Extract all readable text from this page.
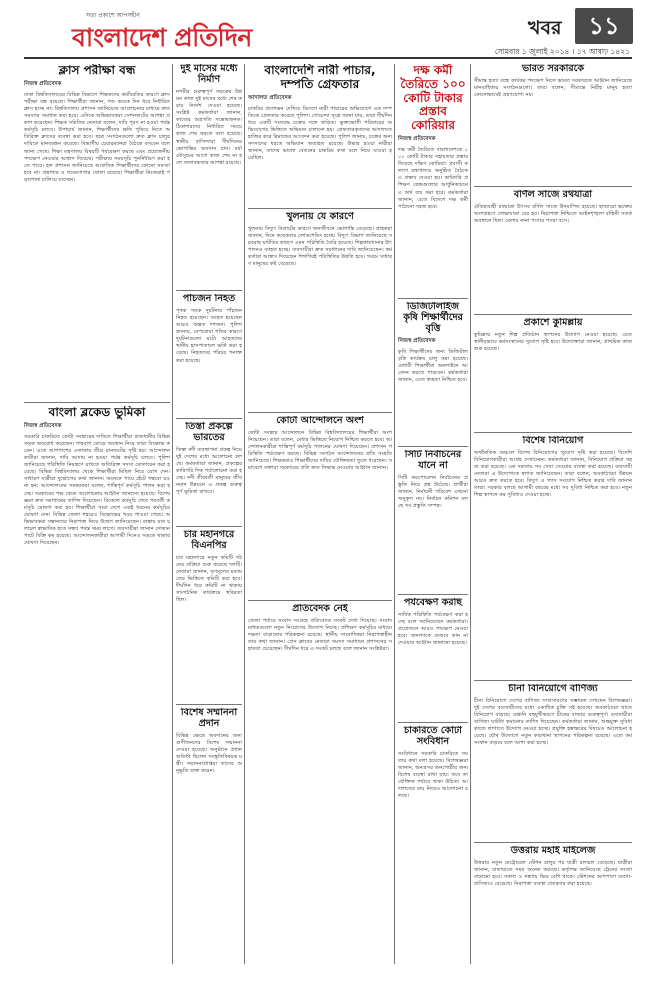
সত্য প্রকাশে আপসহীন
বাংলাদেশ প্রতিদিন	খবর	১১
সোমবার ১ জুলাই ২০১৪ । ১৭ আষাঢ় ১৪২১
ক্লাস পরীক্ষা বন্ধ
নিজস্ব প্রতিবেদক
ঢাকা বিশ্ববিদ্যালয়ের বিভিন্ন বিভাগে শিক্ষকদের কর্মবিরতির কারণে ক্লাস পরীক্ষা বন্ধ রয়েছে। শিক্ষার্থীরা জানান, গত কয়েক দিন ধরে নির্ধারিত ক্লাস হচ্ছে না। বিশ্ববিদ্যালয় প্রশাসন জানিয়েছে আলোচনার মাধ্যমে দ্রুত সমস্যার সমাধান করা হবে। এদিকে অভিভাবকরা সেশনজটের আশঙ্কা প্রকাশ করেছেন। শিক্ষক সমিতির নেতারা বলেন, দাবি পূরণ না হওয়া পর্যন্ত কর্মসূচি চলবে। উপাচার্য জানান, শিক্ষার্থীদের ক্ষতি পুষিয়ে নিতে অতিরিক্ত ক্লাসের ব্যবস্থা করা হবে। ছাত্র সংগঠনগুলো দ্রুত ক্লাস চালুর দাবিতে মানববন্ধন করেছে। বিভাগীয় চেয়ারম্যানরা বৈঠকে বসবেন বলে জানা গেছে। শিক্ষা মন্ত্রণালয় বিষয়টি পর্যবেক্ষণ করছে এবং প্রয়োজনীয় পদক্ষেপ নেওয়ার আশ্বাস দিয়েছে। পরীক্ষার সময়সূচি পুনর্নির্ধারণ করা হতে পারে। হল প্রশাসন জানিয়েছে আবাসিক শিক্ষার্থীদের কোনো সমস্যা হবে না। গ্রন্থাগার ও গবেষণাগার খোলা রয়েছে। শিক্ষার্থীরা নিজেরাই পড়াশোনা চালিয়ে যাচ্ছেন।
বাংলা ব্লকেড ভুমিকা
নিজস্ব প্রতিবেদক
সরকারি চাকরিতে কোটা সংস্কারের দাবিতে শিক্ষার্থীরা রাজধানীর বিভিন্ন সড়ক অবরোধ করেছেন। শাহবাগ মোড়ে অবস্থান নিয়ে তারা বিক্ষোভ করেন। এতে আশপাশের এলাকায় তীব্র যানজটের সৃষ্টি হয়। আন্দোলনকারীরা জানান, দাবি আদায় না হওয়া পর্যন্ত কর্মসূচি চলবে। পুলিশ জানিয়েছে পরিস্থিতি নিয়ন্ত্রণে রাখতে অতিরিক্ত সদস্য মোতায়েন করা হয়েছে। বিভিন্ন বিশ্ববিদ্যালয় থেকে শিক্ষার্থীরা মিছিল নিয়ে যোগ দেন। সাধারণ যাত্রীরা দুর্ভোগের কথা জানান। অনেকে পায়ে হেঁটে গন্তব্যে রওনা হন। আন্দোলনের সমন্বয়করা বলেন, শান্তিপূর্ণ কর্মসূচি পালন করা হচ্ছে। সরকারের পক্ষ থেকে আলোচনার আহ্বান জানানো হয়েছে। বিশেষজ্ঞরা দ্রুত সমাধানের তাগিদ দিয়েছেন। বিকেলে কর্মসূচি শেষে পরবর্তী কর্মসূচি ঘোষণা করা হয়। শিক্ষার্থীরা সারা দেশে একই ধরনের কর্মসূচির ঘোষণা দেন। বিভিন্ন জেলা শহরেও বিক্ষোভের খবর পাওয়া গেছে। অভিভাবকরা সন্তানদের নিরাপত্তা নিয়ে উদ্বেগ জানিয়েছেন। রাস্তায় যান চলাচল স্বাভাবিক হতে সন্ধ্যা পর্যন্ত সময় লাগে। ব্যবসায়ীরা জানান দোকানপাটে বিক্রি কম হয়েছে। আন্দোলনকারীরা আগামী দিনেও সড়কে থাকার ঘোষণা দিয়েছেন।
দুই মাসের মধ্যে নির্মাণ
নগরীর গুরুত্বপূর্ণ সড়কের উন্নয়ন কাজ দুই মাসের মধ্যে শেষ করার নির্দেশ দেওয়া হয়েছে। সংশ্লিষ্ট কর্মকর্তারা জানান, কাজের অগ্রগতি সন্তোষজনক। ঠিকাদারদের নির্ধারিত সময়ে কাজ শেষ করতে বলা হয়েছে। স্থানীয় বাসিন্দারা দীর্ঘদিনের ভোগান্তির অবসান চান। বর্ষা মৌসুমের আগে কাজ শেষ না হলে জলাবদ্ধতার আশঙ্কা রয়েছে।
পাঁচজন নিহত
পৃথক সড়ক দুর্ঘটনায় পাঁচজন নিহত হয়েছেন। আহত হয়েছেন আরও অন্তত দশজন। পুলিশ জানায়, বেপরোয়া গতির কারণে দুর্ঘটনাগুলো ঘটে। আহতদের স্থানীয় হাসপাতালে ভর্তি করা হয়েছে। নিহতদের পরিচয় শনাক্ত করা হয়েছে।
তিস্তা প্রকল্পে ভারতের
তিস্তা নদী ব্যবস্থাপনা প্রকল্প নিয়ে দুই দেশের মধ্যে আলোচনা চলছে। কর্মকর্তারা জানান, প্রকল্পের কারিগরি দিক পর্যালোচনা করা হচ্ছে। নদী তীরবর্তী মানুষের জীবনমান উন্নয়নে এ প্রকল্প গুরুত্বপূর্ণ ভূমিকা রাখবে।
চার মহানগরে বিএনপির
চার মহানগরে নতুন কমিটি গঠনের প্রক্রিয়া শুরু করেছে দলটি। নেতারা জানান, তৃণমূলের মতামতের ভিত্তিতে কমিটি করা হবে। দীর্ঘদিন ধরে কমিটি না থাকায় সাংগঠনিক কার্যক্রমে স্থবিরতা ছিল।
বিশেষ সম্মাননা প্রদান
বিভিন্ন ক্ষেত্রে অবদানের জন্য গুণীজনদের বিশেষ সম্মাননা দেওয়া হয়েছে। অনুষ্ঠানে প্রধান অতিথি ছিলেন সংস্কৃতিবিষয়ক মন্ত্রী। সম্মাননাপ্রাপ্তরা তাদের অনুভূতি ব্যক্ত করেন।
বাংলাদেশি নারী পাচার, দম্পতি গ্রেফতার
আদালত প্রতিবেদক
চাকরির প্রলোভন দেখিয়ে বিদেশে নারী পাচারের অভিযোগে এক দম্পতিকে গ্রেফতার করেছে পুলিশ। গোয়েন্দা সূত্রে জানা যায়, তারা দীর্ঘদিন ধরে একটি সংঘবদ্ধ চক্রের সঙ্গে জড়িত। ভুক্তভোগী পরিবারের অভিযোগের ভিত্তিতে অভিযান চালানো হয়। গ্রেফতারকৃতদের আদালতে হাজির করে রিমান্ডের আবেদন করা হয়েছে। পুলিশ জানায়, চক্রের অন্য সদস্যদের ধরতে অভিযান অব্যাহত রয়েছে। উদ্ধার হওয়া নারীরা জানান, তাদের ভালো বেতনের চাকরির কথা বলে নিয়ে যাওয়া হয়েছিল।
খুলনায় যে কারণে
খুলনায় বিদ্যুৎ বিভ্রাটের কারণে জনজীবনে ভোগান্তি বেড়েছে। গ্রাহকরা জানান, দিনে কয়েকবার লোডশেডিং হচ্ছে। বিদ্যুৎ বিভাগ জানিয়েছে সরবরাহ ঘাটতির কারণে এমন পরিস্থিতি তৈরি হয়েছে। শিল্পকারখানার উৎপাদনও ব্যাহত হচ্ছে। ব্যবসায়ীরা দ্রুত সমাধানের দাবি জানিয়েছেন। কর্মকর্তারা আশ্বাস দিয়েছেন শিগগিরই পরিস্থিতির উন্নতি হবে। গরমে সাধারণ মানুষের কষ্ট বেড়েছে।
কোটা আন্দোলনে অংশ
কোটা সংস্কার আন্দোলনে বিভিন্ন বিশ্ববিদ্যালয়ের শিক্ষার্থীরা অংশ নিয়েছেন। তারা বলেন, মেধার ভিত্তিতে নিয়োগ নিশ্চিত করতে হবে। আন্দোলনকারীরা শান্তিপূর্ণ কর্মসূচি পালনের ঘোষণা দিয়েছেন। প্রশাসন পরিস্থিতি পর্যবেক্ষণ করছে। বিভিন্ন সংগঠন আন্দোলনের প্রতি সংহতি জানিয়েছে। শিক্ষকরাও শিক্ষার্থীদের দাবির যৌক্তিকতা তুলে ধরেছেন। সমাবেশে বক্তারা সরকারের প্রতি দ্রুত সিদ্ধান্ত নেওয়ার আহ্বান জানান।
প্রতিবেদক নেই
জেলা পর্যায়ে সংবাদ সংগ্রহে প্রতিবেদক সংকট দেখা দিয়েছে। সংবাদমাধ্যমগুলো নতুন নিয়োগের উদ্যোগ নিচ্ছে। প্রশিক্ষণ কর্মসূচির মাধ্যমে দক্ষতা বাড়ানোর পরিকল্পনা রয়েছে। স্থানীয় সাংবাদিকরা নিরাপত্তাহীনতার কথা জানান। প্রেস ক্লাবের নেতারা সমস্যা সমাধানে প্রশাসনের সহায়তা চেয়েছেন। দীর্ঘদিন ধরে এ সংকট চলছে বলে জানান সংশ্লিষ্টরা।
দক্ষ কর্মী তৈরিতে ১০০ কোটি টাকার প্রস্তাব কোরিয়ার
নিজস্ব প্রতিবেদক
দক্ষ কর্মী তৈরিতে বাংলাদেশকে ১০০ কোটি টাকার সহায়তার প্রস্তাব দিয়েছে দক্ষিণ কোরিয়া। প্রবাসী কল্যাণ মন্ত্রণালয়ে অনুষ্ঠিত বৈঠকে এ প্রস্তাব দেওয়া হয়। কারিগরি প্রশিক্ষণ কেন্দ্রগুলোর আধুনিকায়নে এ অর্থ ব্যয় করা হবে। কর্মকর্তারা জানান, এতে বিদেশে দক্ষ কর্মী পাঠানো সহজ হবে।
ডিজিটালাইজ কৃষি শিক্ষার্থীদের বৃত্তি
নিজস্ব প্রতিবেদক
কৃষি শিক্ষার্থীদের জন্য ডিজিটাল বৃত্তি কার্যক্রম চালু করা হয়েছে। মেধাবী শিক্ষার্থীরা অনলাইনে আবেদন করতে পারবেন। কর্মকর্তারা জানান, এতে স্বচ্ছতা নিশ্চিত হবে।
সিটি নির্বাচনের যানে না
সিটি করপোরেশন নির্বাচনের প্রস্তুতি নিয়ে প্রশ্ন উঠেছে। প্রার্থীরা জানান, নির্বাচনী পরিবেশ এখনো অনুকূল নয়। নির্বাচন কমিশন বলছে সব প্রস্তুতি সম্পন্ন।
পর্যবেক্ষণ করছি
সার্বিক পরিস্থিতি পর্যবেক্ষণ করা হচ্ছে বলে জানিয়েছেন কর্মকর্তারা। প্রয়োজনে আরও পদক্ষেপ নেওয়া হবে। জনগণকে গুজবে কান না দেওয়ার আহ্বান জানানো হয়েছে।
চাকরিতে কোটা সংবিধান
সংবিধানে সরকারি চাকরিতে সমতার কথা বলা হয়েছে। বিশেষজ্ঞরা জানান, অনগ্রসর জনগোষ্ঠীর জন্য বিশেষ ব্যবস্থা রাখা যায়। তবে তা যৌক্তিক পর্যায়ে থাকা উচিত। আদালতের রায় নিয়েও আলোচনা চলছে।
ভারত সরকারকে
সীমান্ত হত্যা বন্ধে কার্যকর পদক্ষেপ নিতে ভারত সরকারকে আহ্বান জানিয়েছে মানবাধিকার সংগঠনগুলো। তারা বলেন, সীমান্তে নিরীহ মানুষ হত্যা কোনোভাবেই গ্রহণযোগ্য নয়।
বর্ণিল সাজে রথযাত্রা
ঐতিহ্যবাহী রথযাত্রা উৎসব বর্ণিল সাজে উদযাপিত হয়েছে। হাজারো ভক্তের অংশগ্রহণে শোভাযাত্রা বের হয়। নিরাপত্তা নিশ্চিতে আইনশৃঙ্খলা বাহিনী সতর্ক অবস্থানে ছিল। মেলায় নানা পণ্যের পসরা বসে।
প্রকাশে কুমিল্লায়
কুমিল্লায় নতুন শিল্প প্রতিষ্ঠান স্থাপনের উদ্যোগ নেওয়া হয়েছে। এতে স্থানীয়ভাবে কর্মসংস্থানের সুযোগ সৃষ্টি হবে। উদ্যোক্তারা জানান, প্রাথমিক কাজ শুরু হয়েছে।
বিশেষ বিনিয়োগ
অর্থনৈতিক অঞ্চলে বিশেষ বিনিয়োগের সুযোগ সৃষ্টি করা হয়েছে। বিদেশি বিনিয়োগকারীরা আগ্রহ দেখাচ্ছেন। কর্মকর্তারা জানান, বিনিয়োগ প্রক্রিয়া সহজ করা হয়েছে। এক দরজায় সব সেবা দেওয়ার ব্যবস্থা করা হয়েছে। ব্যবসায়ী নেতারা এ উদ্যোগকে স্বাগত জানিয়েছেন। তারা বলেন, অবকাঠামো উন্নয়ন আরও দ্রুত করতে হবে। বিদ্যুৎ ও গ্যাস সংযোগ নিশ্চিত করার দাবি জানান তারা। সরকার বলছে আগামী বছরের মধ্যে সব সুবিধা নিশ্চিত করা হবে। নতুন শিল্প স্থাপনে কর সুবিধাও দেওয়া হচ্ছে।
চীনা বিনিয়োগে বাণিজ্য
চীনা বিনিয়োগে দেশের বাণিজ্য সম্প্রসারণের সম্ভাবনা দেখছেন বিশেষজ্ঞরা। দুই দেশের ব্যবসায়ীদের মধ্যে একাধিক চুক্তি সই হয়েছে। অবকাঠামো খাতে বিনিয়োগ বাড়ছে। রপ্তানি বহুমুখীকরণে চীনের বাজার গুরুত্বপূর্ণ। ব্যবসায়ীরা বাণিজ্য ঘাটতি কমানোর তাগিদ দিয়েছেন। কর্মকর্তারা জানান, শুল্কমুক্ত সুবিধা কাজে লাগাতে উদ্যোগ নেওয়া হচ্ছে। প্রযুক্তি হস্তান্তরের বিষয়েও আলোচনা হয়েছে। যৌথ উদ্যোগে নতুন কারখানা স্থাপনের পরিকল্পনা রয়েছে। এতে কর্মসংস্থান বাড়বে বলে আশা করা হচ্ছে।
উত্তরায় মহাই মাইলেজ
উত্তরায় নতুন মেট্রোরেল স্টেশন চালুর পর যাত্রী চলাচল বেড়েছে। যাত্রীরা জানান, যাতায়াতে সময় অনেক কমেছে। কর্তৃপক্ষ জানিয়েছে ট্রেনের সংখ্যা বাড়ানো হবে। সকাল ও সন্ধ্যায় ভিড় বেশি থাকে। স্টেশনের আশপাশে ব্যবসা-বাণিজ্যও বেড়েছে। নিরাপত্তা ব্যবস্থা জোরদার করা হয়েছে।
